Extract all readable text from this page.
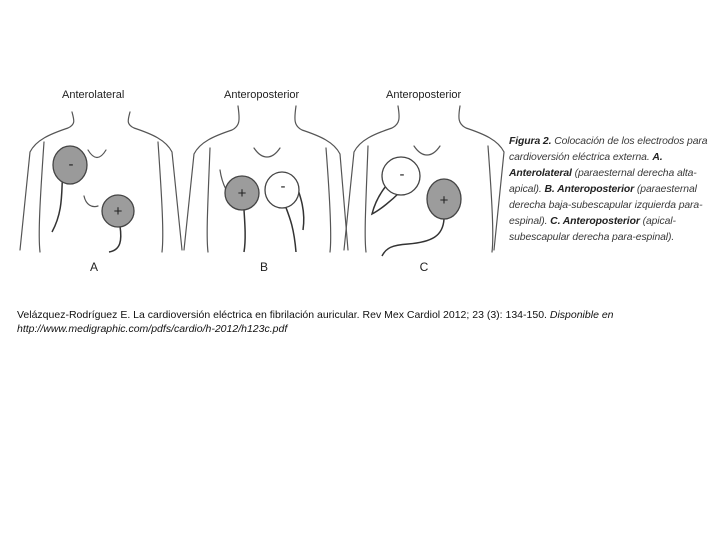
Anterolateral
-
+
A
Anteroposterior
+ -
B
Anteroposterior
-
+
C
Figura 2. Colocación de los electrodos para cardioversión eléctrica externa. A. Anterolateral (paraesternal derecha alta-apical). B. Anteroposterior (paraesternal derecha baja-subescapular izquierda para-espinal). C. Anteroposterior (apical-subescapular derecha para-espinal).
Velázquez-Rodríguez E. La cardioversión eléctrica en fibrilación auricular. Rev Mex Cardiol 2012; 23 (3): 134-150. Disponible en http://www.medigraphic.com/pdfs/cardio/h-2012/h123c.pdf
